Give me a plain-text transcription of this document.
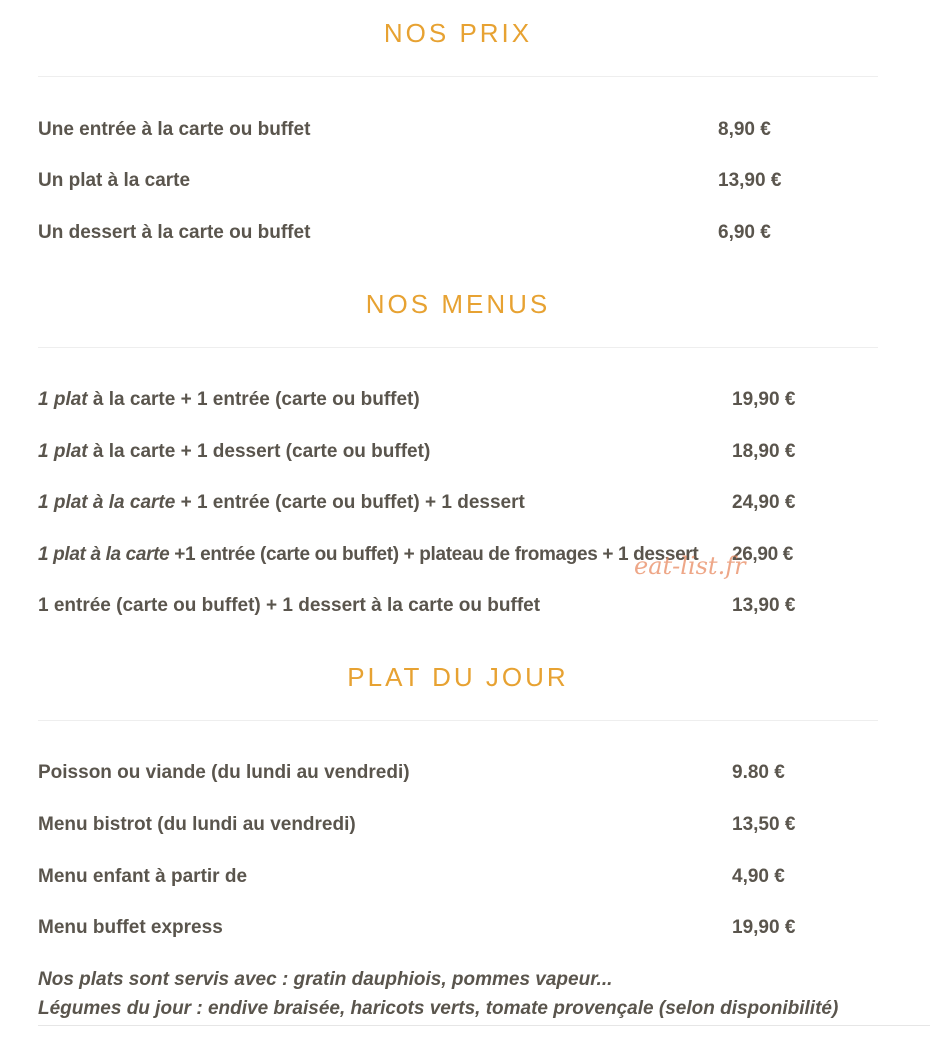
NOS PRIX
Une entrée à la carte ou buffet	8,90 €
Un plat à la carte	13,90 €
Un dessert à la carte ou buffet	6,90 €
NOS MENUS
1 plat à la carte + 1 entrée (carte ou buffet)	19,90 €
1 plat à la carte + 1 dessert (carte ou buffet)	18,90 €
1 plat à la carte + 1 entrée (carte ou buffet) + 1 dessert	24,90 €
1 plat à la carte +1 entrée (carte ou buffet) + plateau de fromages + 1 dessert 26,90 €
1 entrée (carte ou buffet) + 1 dessert à la carte ou buffet	13,90 €
eat-list.fr
PLAT DU JOUR
Poisson ou viande (du lundi au vendredi)	9.80 €
Menu bistrot (du lundi au vendredi)	13,50 €
Menu enfant à partir de	4,90 €
Menu buffet express	19,90 €
Nos plats sont servis avec : gratin dauphiois, pommes vapeur...
Légumes du jour : endive braisée, haricots verts, tomate provençale (selon disponibilité)
